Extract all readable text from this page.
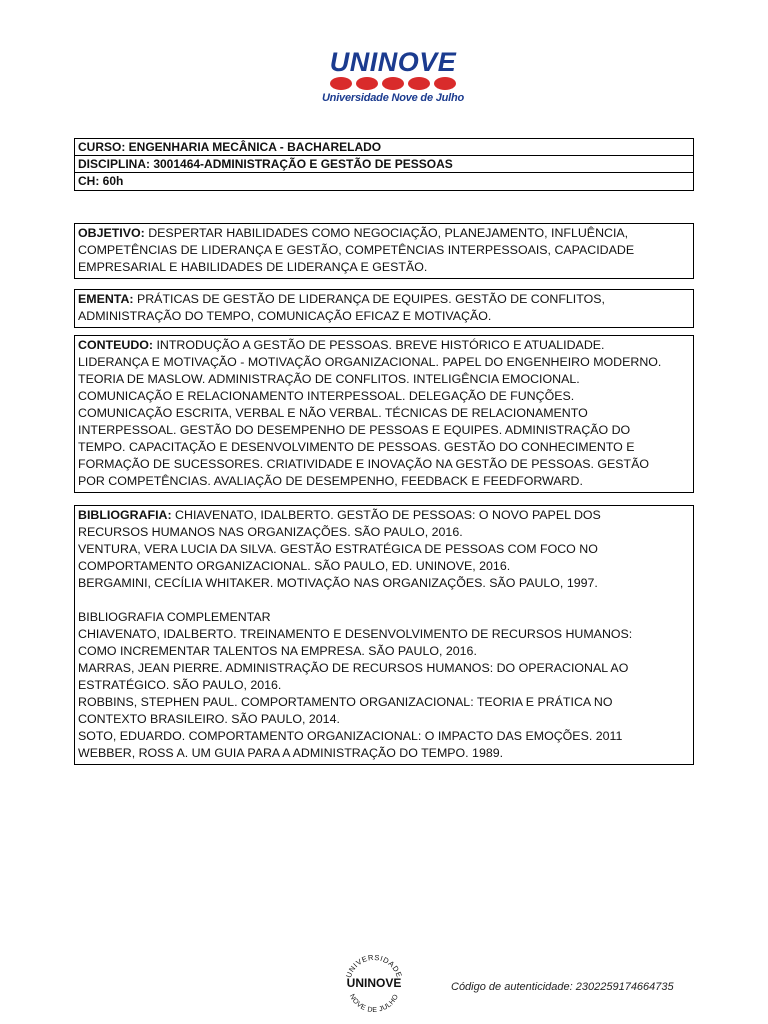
UNINOVE
Universidade Nove de Julho
CURSO: ENGENHARIA MECÂNICA - BACHARELADO
DISCIPLINA: 3001464-ADMINISTRAÇÃO E GESTÃO DE PESSOAS
CH: 60h
OBJETIVO: DESPERTAR HABILIDADES COMO NEGOCIAÇÃO, PLANEJAMENTO, INFLUÊNCIA,
COMPETÊNCIAS DE LIDERANÇA E GESTÃO, COMPETÊNCIAS INTERPESSOAIS, CAPACIDADE
EMPRESARIAL E HABILIDADES DE LIDERANÇA E GESTÃO.
EMENTA: PRÁTICAS DE GESTÃO DE LIDERANÇA DE EQUIPES. GESTÃO DE CONFLITOS,
ADMINISTRAÇÃO DO TEMPO, COMUNICAÇÃO EFICAZ E MOTIVAÇÃO.
CONTEUDO: INTRODUÇÃO A GESTÃO DE PESSOAS. BREVE HISTÓRICO E ATUALIDADE.
LIDERANÇA E MOTIVAÇÃO - MOTIVAÇÃO ORGANIZACIONAL. PAPEL DO ENGENHEIRO MODERNO.
TEORIA DE MASLOW. ADMINISTRAÇÃO DE CONFLITOS. INTELIGÊNCIA EMOCIONAL.
COMUNICAÇÃO E RELACIONAMENTO INTERPESSOAL. DELEGAÇÃO DE FUNÇÕES.
COMUNICAÇÃO ESCRITA, VERBAL E NÃO VERBAL. TÉCNICAS DE RELACIONAMENTO
INTERPESSOAL. GESTÃO DO DESEMPENHO DE PESSOAS E EQUIPES. ADMINISTRAÇÃO DO
TEMPO. CAPACITAÇÃO E DESENVOLVIMENTO DE PESSOAS. GESTÃO DO CONHECIMENTO E
FORMAÇÃO DE SUCESSORES. CRIATIVIDADE E INOVAÇÃO NA GESTÃO DE PESSOAS. GESTÃO
POR COMPETÊNCIAS. AVALIAÇÃO DE DESEMPENHO, FEEDBACK E FEEDFORWARD.
BIBLIOGRAFIA: CHIAVENATO, IDALBERTO. GESTÃO DE PESSOAS: O NOVO PAPEL DOS
RECURSOS HUMANOS NAS ORGANIZAÇÕES. SÃO PAULO, 2016.
VENTURA, VERA LUCIA DA SILVA. GESTÃO ESTRATÉGICA DE PESSOAS COM FOCO NO
COMPORTAMENTO ORGANIZACIONAL. SÃO PAULO, ED. UNINOVE, 2016.
BERGAMINI, CECÍLIA WHITAKER. MOTIVAÇÃO NAS ORGANIZAÇÕES. SÃO PAULO, 1997.
BIBLIOGRAFIA COMPLEMENTAR
CHIAVENATO, IDALBERTO. TREINAMENTO E DESENVOLVIMENTO DE RECURSOS HUMANOS:
COMO INCREMENTAR TALENTOS NA EMPRESA. SÃO PAULO, 2016.
MARRAS, JEAN PIERRE. ADMINISTRAÇÃO DE RECURSOS HUMANOS: DO OPERACIONAL AO
ESTRATÉGICO. SÃO PAULO, 2016.
ROBBINS, STEPHEN PAUL. COMPORTAMENTO ORGANIZACIONAL: TEORIA E PRÁTICA NO
CONTEXTO BRASILEIRO. SÃO PAULO, 2014.
SOTO, EDUARDO. COMPORTAMENTO ORGANIZACIONAL: O IMPACTO DAS EMOÇÕES. 2011
WEBBER, ROSS A. UM GUIA PARA A ADMINISTRAÇÃO DO TEMPO. 1989.
UNIVERSIDADE
NOVE DE JULHO
UNINOVE	Código de autenticidade: 2302259174664735
